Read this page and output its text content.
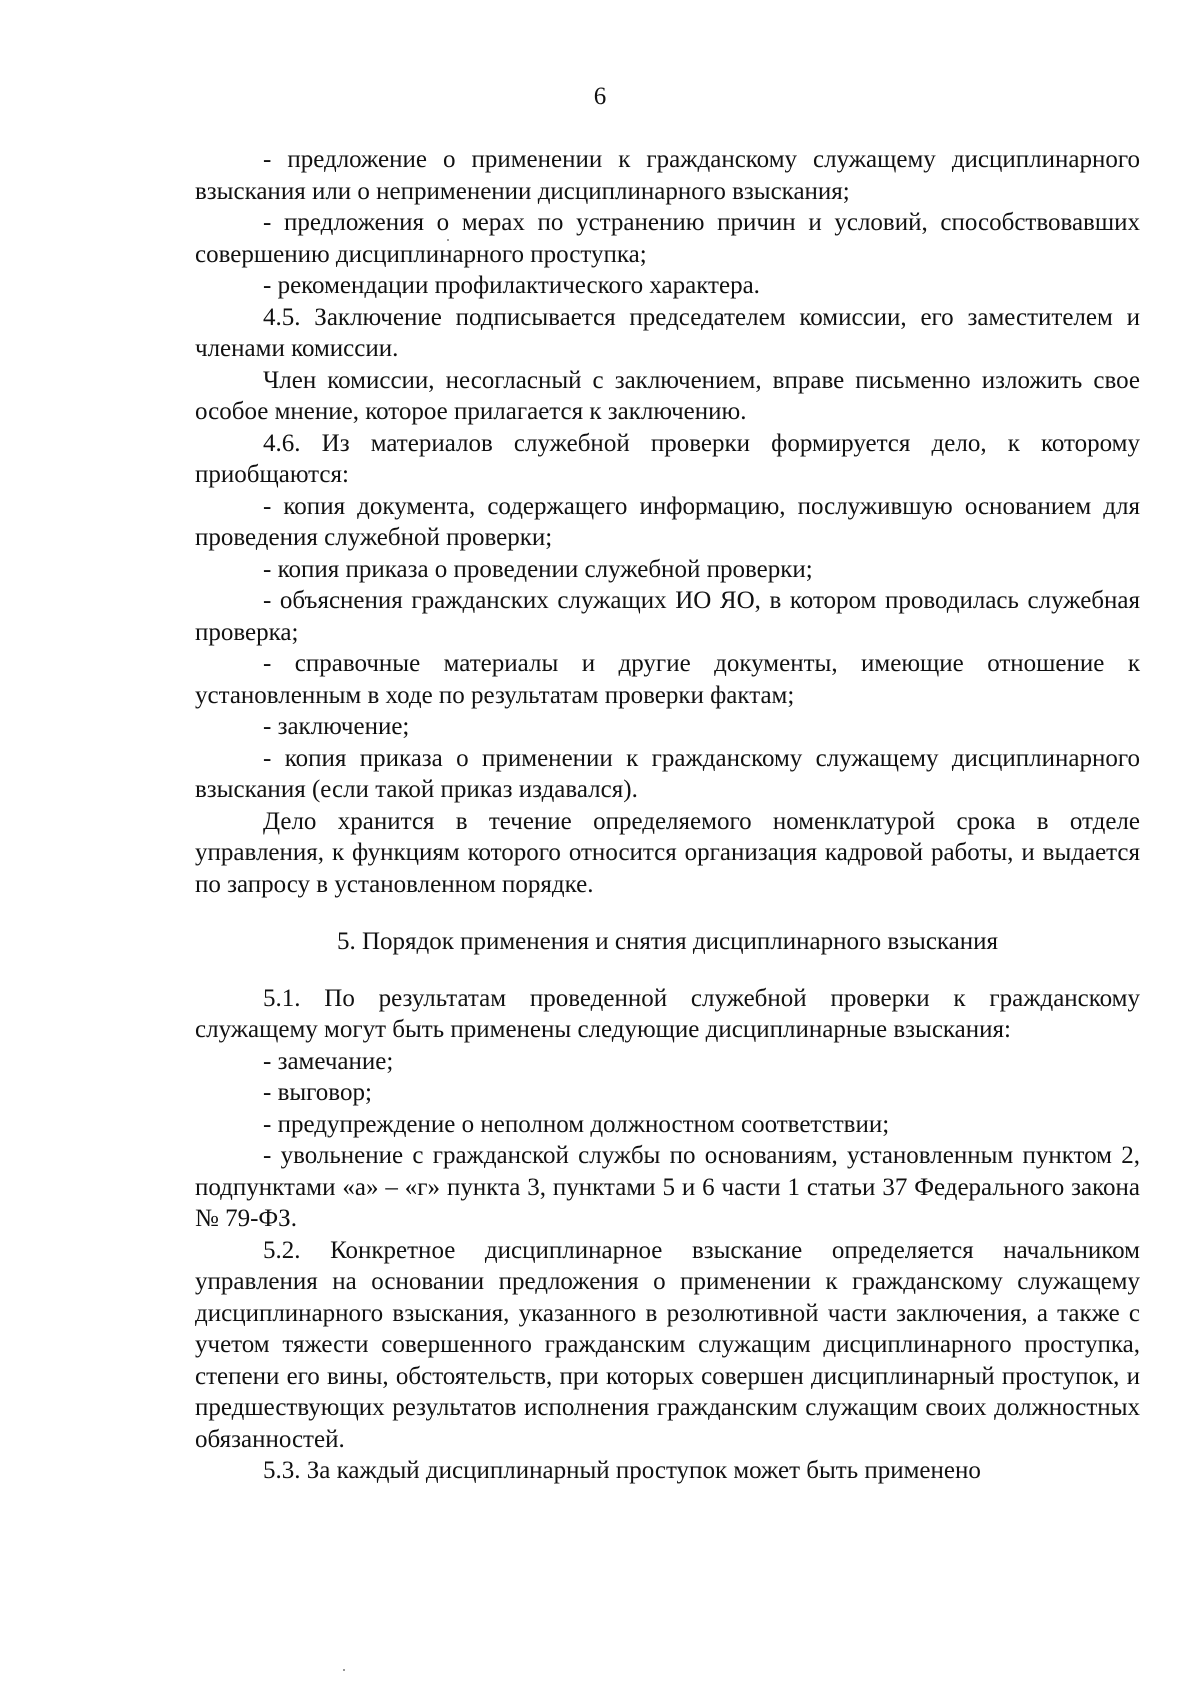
6

- предложение о применении к гражданскому служащему дисциплинарного взыскания или о неприменении дисциплинарного взыскания;

- предложения о мерах по устранению причин и условий, способствовавших совершению дисциплинарного проступка;

- рекомендации профилактического характера.

4.5. Заключение подписывается председателем комиссии, его заместителем и членами комиссии.

Член комиссии, несогласный с заключением, вправе письменно изложить свое особое мнение, которое прилагается к заключению.

4.6. Из материалов служебной проверки формируется дело, к которому приобщаются:

- копия документа, содержащего информацию, послужившую основанием для проведения служебной проверки;

- копия приказа о проведении служебной проверки;

- объяснения гражданских служащих ИО ЯО, в котором проводилась служебная проверка;

- справочные материалы и другие документы, имеющие отношение к установленным в ходе по результатам проверки фактам;

- заключение;

- копия приказа о применении к гражданскому служащему дисциплинарного взыскания (если такой приказ издавался).

Дело хранится в течение определяемого номенклатурой срока в отделе управления, к функциям которого относится организация кадровой работы, и выдается по запросу в установленном порядке.

5. Порядок применения и снятия дисциплинарного взыскания

5.1. По результатам проведенной служебной проверки к гражданскому служащему могут быть применены следующие дисциплинарные взыскания:

- замечание;

- выговор;

- предупреждение о неполном должностном соответствии;

- увольнение с гражданской службы по основаниям, установленным пунктом 2, подпунктами «а» – «г» пункта 3, пунктами 5 и 6 части 1 статьи 37 Федерального закона № 79-ФЗ.

5.2. Конкретное дисциплинарное взыскание определяется начальником управления на основании предложения о применении к гражданскому служащему дисциплинарного взыскания, указанного в резолютивной части заключения, а также с учетом тяжести совершенного гражданским служащим дисциплинарного проступка, степени его вины, обстоятельств, при которых совершен дисциплинарный проступок, и предшествующих результатов исполнения гражданским служащим своих должностных обязанностей.

5.3. За каждый дисциплинарный проступок может быть применено
